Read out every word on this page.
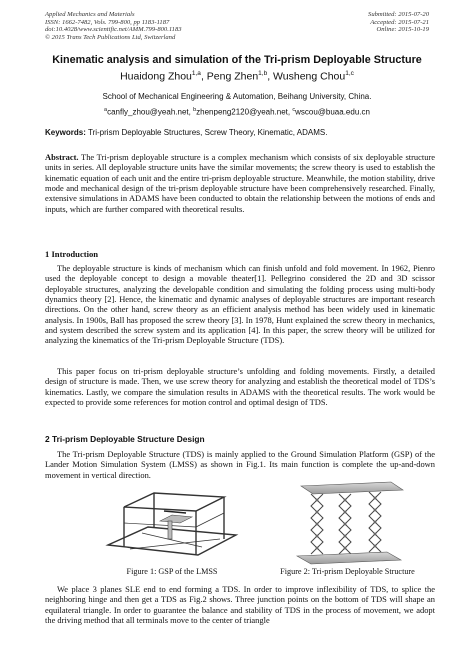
Applied Mechanics and Materials
ISSN: 1662-7482, Vols. 799-800, pp 1183-1187
doi:10.4028/www.scientific.net/AMM.799-800.1183
© 2015 Trans Tech Publications Ltd, Switzerland
Submitted: 2015-07-20
Accepted: 2015-07-21
Online: 2015-10-19
Kinematic analysis and simulation of the Tri-prism Deployable Structure
Huaidong Zhou$^{1,a}$, Peng Zhen$^{1,b}$, Wusheng Chou$^{1,c}$
School of Mechanical Engineering & Automation, Beihang University, China.
$^a$canfly_zhou@yeah.net, $^b$zhenpeng2120@yeah.net, $^c$wscou@buaa.edu.cn
Keywords: Tri-prism Deployable Structures, Screw Theory, Kinematic, ADAMS.
Abstract. The Tri-prism deployable structure is a complex mechanism which consists of six deployable structure units in series. All deployable structure units have the similar movements; the screw theory is used to establish the kinematic equation of each unit and the entire tri-prism deployable structure. Meanwhile, the motion stability, drive mode and mechanical design of the tri-prism deployable structure have been comprehensively researched. Finally, extensive simulations in ADAMS have been conducted to obtain the relationship between the motions of ends and inputs, which are further compared with theoretical results.
1 Introduction
The deployable structure is kinds of mechanism which can finish unfold and fold movement. In 1962, Pienro used the deployable concept to design a movable theater[1]. Pellegrino considered the 2D and 3D scissor deployable structures, analyzing the developable condition and simulating the folding process using multi-body dynamics theory [2]. Hence, the kinematic and dynamic analyses of deployable structures are important research directions. On the other hand, screw theory as an efficient analysis method has been widely used in kinematic analysis. In 1900s, Ball has proposed the screw theory [3]. In 1978, Hunt explained the screw theory in mechanics, and system described the screw system and its application [4]. In this paper, the screw theory will be utilized for analyzing the kinematics of the Tri-prism Deployable Structure (TDS).
This paper focus on tri-prism deployable structure’s unfolding and folding movements. Firstly, a detailed design of structure is made. Then, we use screw theory for analyzing and establish the theoretical model of TDS’s kinematics. Lastly, we compare the simulation results in ADAMS with the theoretical results. The work would be expected to provide some references for motion control and optimal design of TDS.
2 Tri-prism Deployable Structure Design
The Tri-prism Deployable Structure (TDS) is mainly applied to the Ground Simulation Platform (GSP) of the Lander Motion Simulation System (LMSS) as shown in Fig.1. Its main function is complete the up-and-down movement in vertical direction.
Figure 1: GSP of the LMSS	Figure 2: Tri-prism Deployable Structure
We place 3 planes SLE end to end forming a TDS. In order to improve inflexibility of TDS, to splice the neighboring hinge and then get a TDS as Fig.2 shows. Three junction points on the bottom of TDS will shape an equilateral triangle. In order to guarantee the balance and stability of TDS in the process of movement, we adopt the driving method that all terminals move to the center of triangle
